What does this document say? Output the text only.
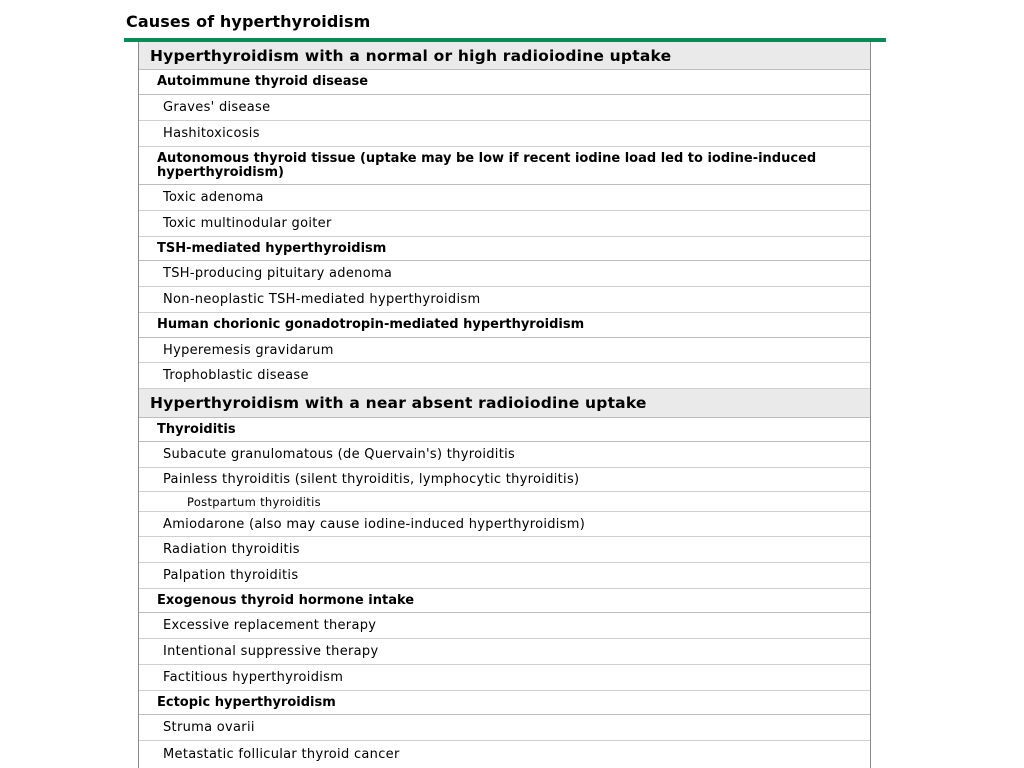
Causes of hyperthyroidism
Hyperthyroidism with a normal or high radioiodine uptake
Autoimmune thyroid disease
Graves' disease
Hashitoxicosis
Autonomous thyroid tissue (uptake may be low if recent iodine load led to iodine-induced hyperthyroidism)
Toxic adenoma
Toxic multinodular goiter
TSH-mediated hyperthyroidism
TSH-producing pituitary adenoma
Non-neoplastic TSH-mediated hyperthyroidism
Human chorionic gonadotropin-mediated hyperthyroidism
Hyperemesis gravidarum
Trophoblastic disease
Hyperthyroidism with a near absent radioiodine uptake
Thyroiditis
Subacute granulomatous (de Quervain's) thyroiditis
Painless thyroiditis (silent thyroiditis, lymphocytic thyroiditis)
Postpartum thyroiditis
Amiodarone (also may cause iodine-induced hyperthyroidism)
Radiation thyroiditis
Palpation thyroiditis
Exogenous thyroid hormone intake
Excessive replacement therapy
Intentional suppressive therapy
Factitious hyperthyroidism
Ectopic hyperthyroidism
Struma ovarii
Metastatic follicular thyroid cancer
